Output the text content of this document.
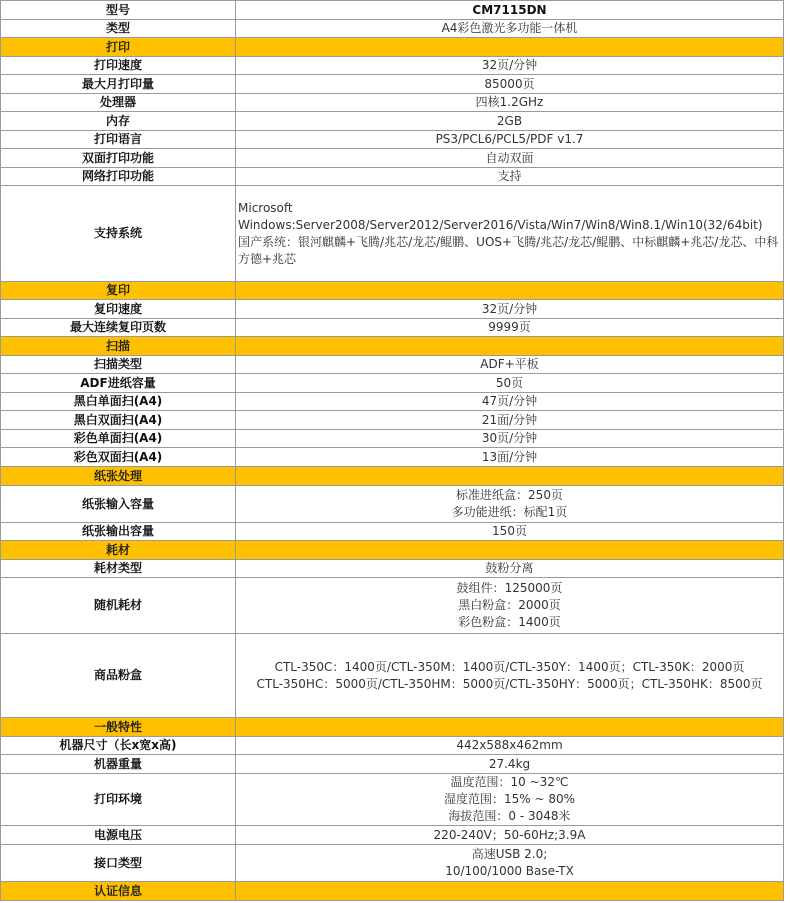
型号	CM7115DN

类型	A4彩色激光多功能一体机

打印	
打印速度	32页/分钟

最大月打印量	85000页

处理器	四核1.2GHz

内存	2GB

打印语言	PS3/PCL6/PCL5/PDF v1.7

双面打印功能	自动双面

网络打印功能	支持

支持系统	Microsoft Windows:Server2008/Server2012/Server2016/Vista/Win7/Win8/Win8.1/Win10(32/64bit)
国产系统：银河麒麟+飞腾/兆芯/龙芯/鲲鹏、UOS+飞腾/兆芯/龙芯/鲲鹏、中标麒麟+兆芯/龙芯、中科方德+兆芯

复印	
复印速度	32页/分钟

最大连续复印页数	9999页

扫描	
扫描类型	ADF+平板

ADF进纸容量	50页

黑白单面扫(A4)	47页/分钟

黑白双面扫(A4)	21面/分钟

彩色单面扫(A4)	30页/分钟

彩色双面扫(A4)	13面/分钟

纸张处理	
纸张输入容量	标准进纸盒：250页
多功能进纸：标配1页

纸张输出容量	150页

耗材	
耗材类型	鼓粉分离

随机耗材	鼓组件：125000页
黑白粉盒：2000页
彩色粉盒：1400页

商品粉盒	CTL-350C：1400页/CTL-350M：1400页/CTL-350Y：1400页；CTL-350K：2000页
CTL-350HC：5000页/CTL-350HM：5000页/CTL-350HY：5000页；CTL-350HK：8500页

一般特性	
机器尺寸（长x宽x高)	442x588x462mm

机器重量	27.4kg

打印环境	温度范围：10 ~32℃
湿度范围：15% ~ 80%
海拔范围：0 - 3048米

电源电压	220-240V；50-60Hz;3.9A

接口类型	高速USB 2.0;
10/100/1000 Base-TX

认证信息	
